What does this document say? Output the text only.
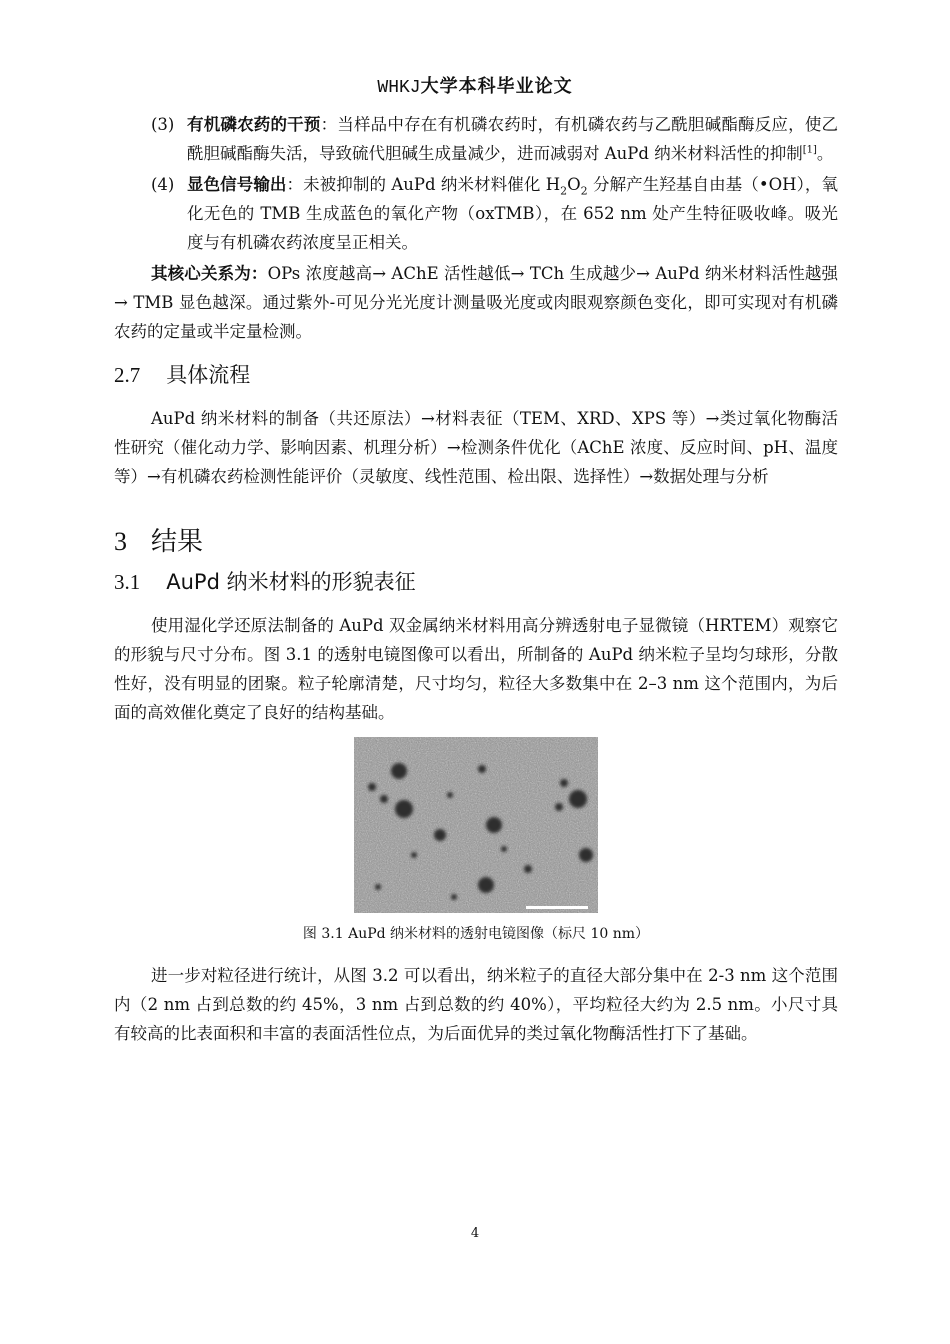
WHKJ大学本科毕业论文
(3) 有机磷农药的干预：当样品中存在有机磷农药时，有机磷农药与乙酰胆碱酯酶反应，使乙酰胆碱酯酶失活，导致硫代胆碱生成量减少，进而减弱对 AuPd 纳米材料活性的抑制[1]。
(4) 显色信号输出：未被抑制的 AuPd 纳米材料催化 $H_2O_2$ 分解产生羟基自由基（•OH），氧化无色的 TMB 生成蓝色的氧化产物（oxTMB），在 652 nm 处产生特征吸收峰。吸光度与有机磷农药浓度呈正相关。

其核心关系为：OPs 浓度越高→ AChE 活性越低→ TCh 生成越少→ AuPd 纳米材料活性越强→ TMB 显色越深。通过紫外-可见分光光度计测量吸光度或肉眼观察颜色变化，即可实现对有机磷农药的定量或半定量检测。

2.7 具体流程

AuPd 纳米材料的制备（共还原法）→材料表征（TEM、XRD、XPS 等）→类过氧化物酶活性研究（催化动力学、影响因素、机理分析）→检测条件优化（AChE 浓度、反应时间、pH、温度等）→有机磷农药检测性能评价（灵敏度、线性范围、检出限、选择性）→数据处理与分析

3 结果
3.1 AuPd 纳米材料的形貌表征

使用湿化学还原法制备的 AuPd 双金属纳米材料用高分辨透射电子显微镜（HRTEM）观察它的形貌与尺寸分布。图 3.1 的透射电镜图像可以看出，所制备的 AuPd 纳米粒子呈均匀球形，分散性好，没有明显的团聚。粒子轮廓清楚，尺寸均匀，粒径大多数集中在 2–3 nm 这个范围内，为后面的高效催化奠定了良好的结构基础。

图 3.1 AuPd 纳米材料的透射电镜图像（标尺 10 nm）

进一步对粒径进行统计，从图 3.2 可以看出，纳米粒子的直径大部分集中在 2-3 nm 这个范围内（2 nm 占到总数的约 45%，3 nm 占到总数的约 40%），平均粒径大约为 2.5 nm。小尺寸具有较高的比表面积和丰富的表面活性位点，为后面优异的类过氧化物酶活性打下了基础。

4
